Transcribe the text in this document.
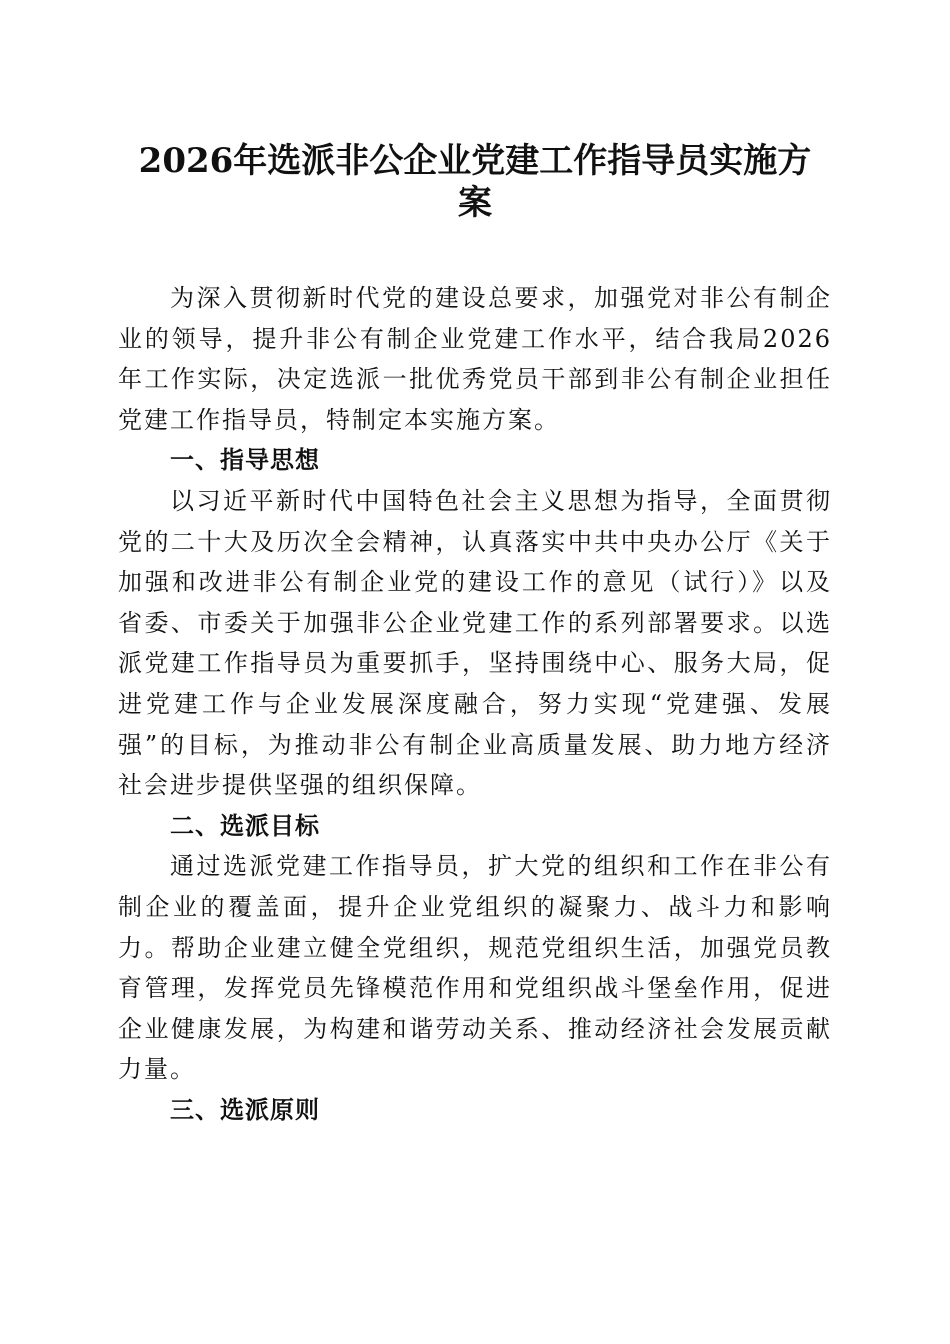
2026年选派非公企业党建工作指导员实施方
案

为深入贯彻新时代党的建设总要求，加强党对非公有制企业的领导，提升非公有制企业党建工作水平，结合我局2026年工作实际，决定选派一批优秀党员干部到非公有制企业担任党建工作指导员，特制定本实施方案。

一、指导思想

以习近平新时代中国特色社会主义思想为指导，全面贯彻党的二十大及历次全会精神，认真落实中共中央办公厅《关于加强和改进非公有制企业党的建设工作的意见（试行）》以及省委、市委关于加强非公企业党建工作的系列部署要求。以选派党建工作指导员为重要抓手，坚持围绕中心、服务大局，促进党建工作与企业发展深度融合，努力实现“党建强、发展强”的目标，为推动非公有制企业高质量发展、助力地方经济社会进步提供坚强的组织保障。

二、选派目标

通过选派党建工作指导员，扩大党的组织和工作在非公有制企业的覆盖面，提升企业党组织的凝聚力、战斗力和影响力。帮助企业建立健全党组织，规范党组织生活，加强党员教育管理，发挥党员先锋模范作用和党组织战斗堡垒作用，促进企业健康发展，为构建和谐劳动关系、推动经济社会发展贡献力量。

三、选派原则
